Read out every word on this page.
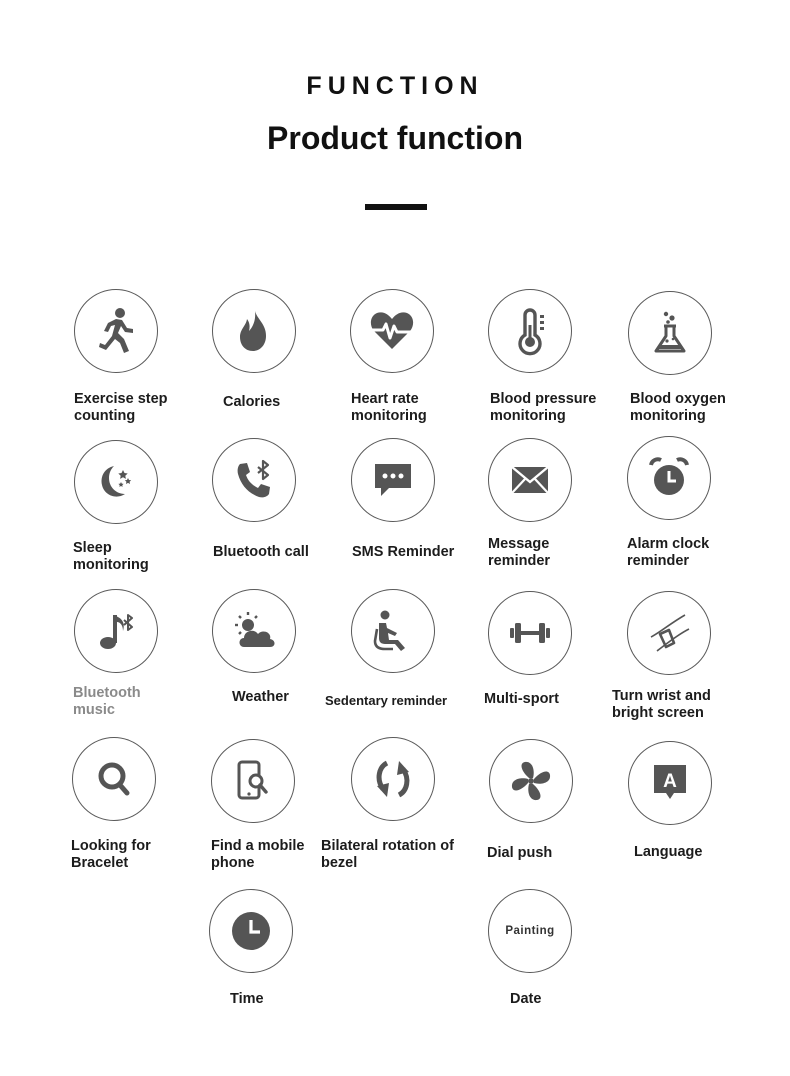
FUNCTION
Product function
A
Painting
Exercise step
counting
Calories	Heart rate
monitoring
Blood pressure
monitoring
Blood oxygen
monitoring
Sleep
monitoring
Bluetooth call	SMS Reminder Message
reminder
Alarm clock
reminder
Bluetooth
music
Weather	Sedentary reminder	Multi-sport	Turn wrist and
bright screen
Looking for
Bracelet
Find a mobile
phone
Bilateral rotation of
bezel
Dial push	Language
Time	Date
